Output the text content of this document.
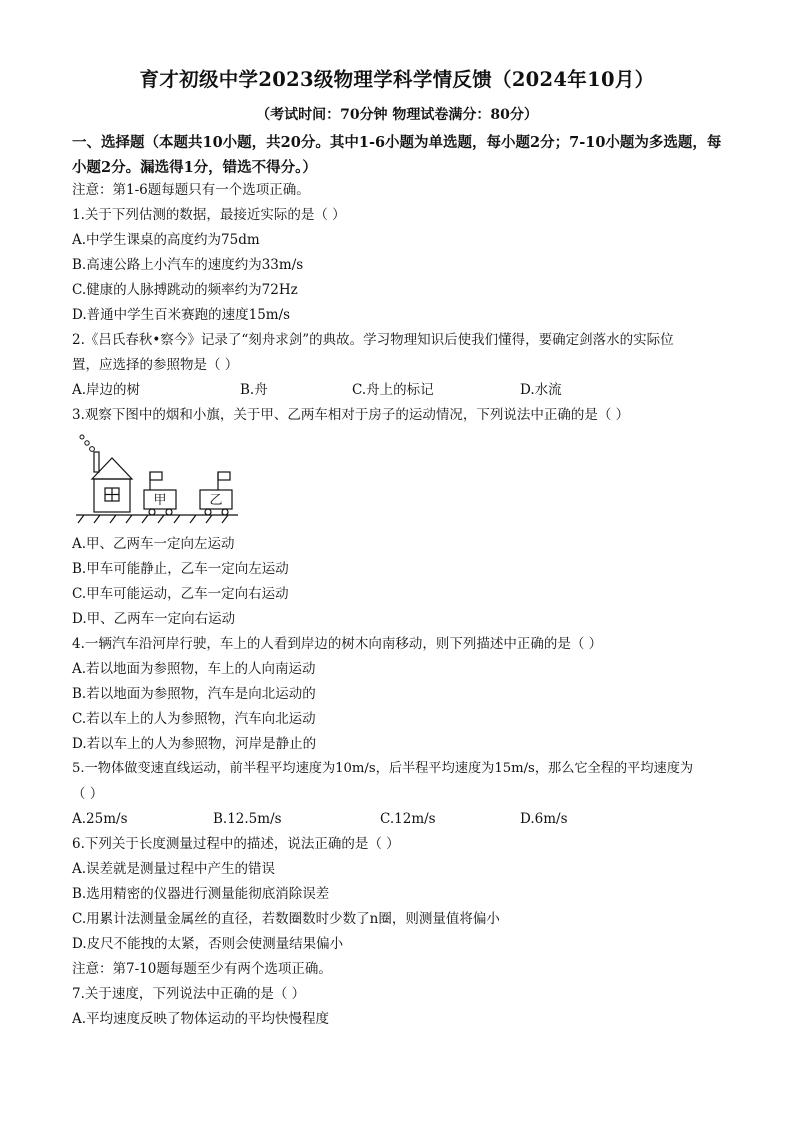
育才初级中学2023级物理学科学情反馈（2024年10月）
（考试时间：70分钟 物理试卷满分：80分）
一、选择题（本题共10小题，共20分。其中1-6小题为单选题，每小题2分；7-10小题为多选题，每小题2分。漏选得1分，错选不得分。）
注意：第1-6题每题只有一个选项正确。
1.关于下列估测的数据，最接近实际的是（ ）
A.中学生课桌的高度约为75dm
B.高速公路上小汽车的速度约为33m/s
C.健康的人脉搏跳动的频率约为72Hz
D.普通中学生百米赛跑的速度15m/s
2.《吕氏春秋•察今》记录了“刻舟求剑”的典故。学习物理知识后使我们懂得，要确定剑落水的实际位
置，应选择的参照物是（ ）
A.岸边的树	B.舟	C.舟上的标记	D.水流
3.观察下图中的烟和小旗，关于甲、乙两车相对于房子的运动情况，下列说法中正确的是（ ）
甲	乙
A.甲、乙两车一定向左运动
B.甲车可能静止，乙车一定向左运动
C.甲车可能运动，乙车一定向右运动
D.甲、乙两车一定向右运动
4.一辆汽车沿河岸行驶，车上的人看到岸边的树木向南移动，则下列描述中正确的是（ ）
A.若以地面为参照物，车上的人向南运动
B.若以地面为参照物，汽车是向北运动的
C.若以车上的人为参照物，汽车向北运动
D.若以车上的人为参照物，河岸是静止的
5.一物体做变速直线运动，前半程平均速度为10m/s，后半程平均速度为15m/s，那么它全程的平均速度为
（ ）
A.25m/s	B.12.5m/s	C.12m/s	D.6m/s
6.下列关于长度测量过程中的描述，说法正确的是（ ）
A.误差就是测量过程中产生的错误
B.选用精密的仪器进行测量能彻底消除误差
C.用累计法测量金属丝的直径，若数圈数时少数了n圈，则测量值将偏小
D.皮尺不能拽的太紧，否则会使测量结果偏小
注意：第7-10题每题至少有两个选项正确。
7.关于速度，下列说法中正确的是（ ）
A.平均速度反映了物体运动的平均快慢程度
